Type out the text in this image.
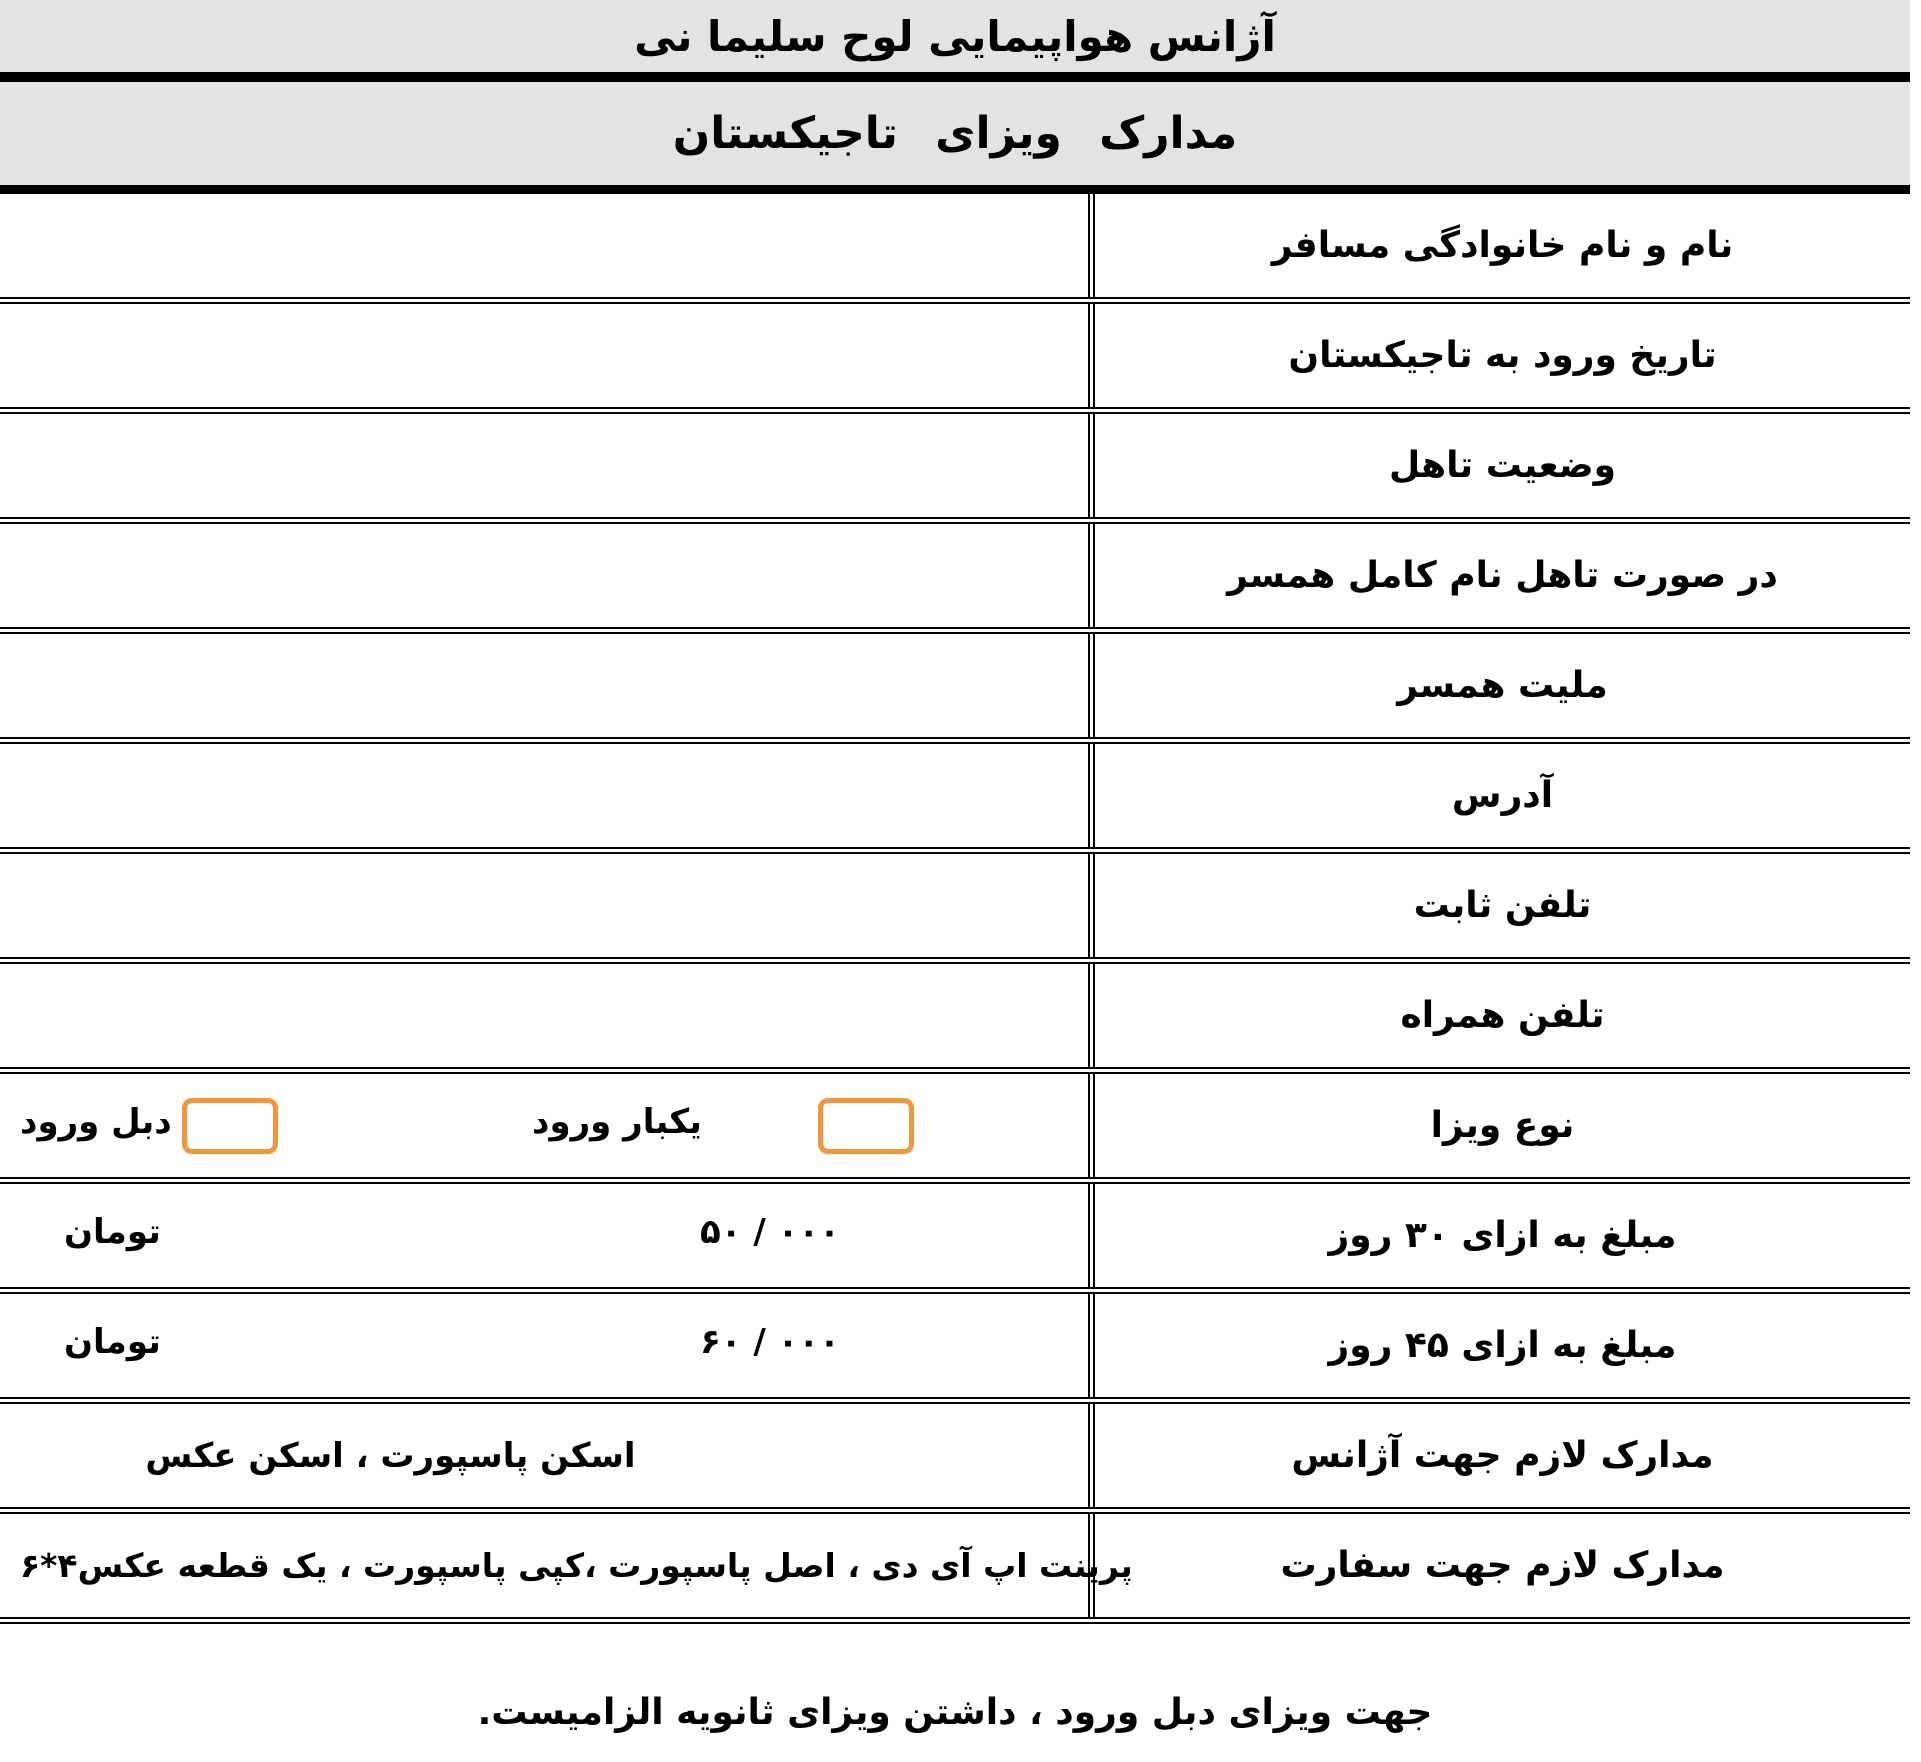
آژانس هواپیمایی لوح سلیما نی
مدارک ویزای تاجیکستان
نام و نام خانوادگی مسافر
تاریخ ورود به تاجیکستان
وضعیت تاهل
در صورت تاهل نام کامل همسر
ملیت همسر
آدرس
تلفن ثابت
تلفن همراه
نوع ویزا
یکبار ورود
دبل ورود
مبلغ به ازای ۳۰ روز
۵۰ / ۰۰۰
تومان
مبلغ به ازای ۴۵ روز
۶۰ / ۰۰۰
تومان
مدارک لازم جهت آژانس
اسکن پاسپورت ، اسکن عکس
مدارک لازم جهت سفارت
پرینت اپ آی دی ، اصل پاسپورت ،کپی پاسپورت ، یک قطعه عکس۴*۶
جهت ویزای دبل ورود ، داشتن ویزای ثانویه الزامیست.
